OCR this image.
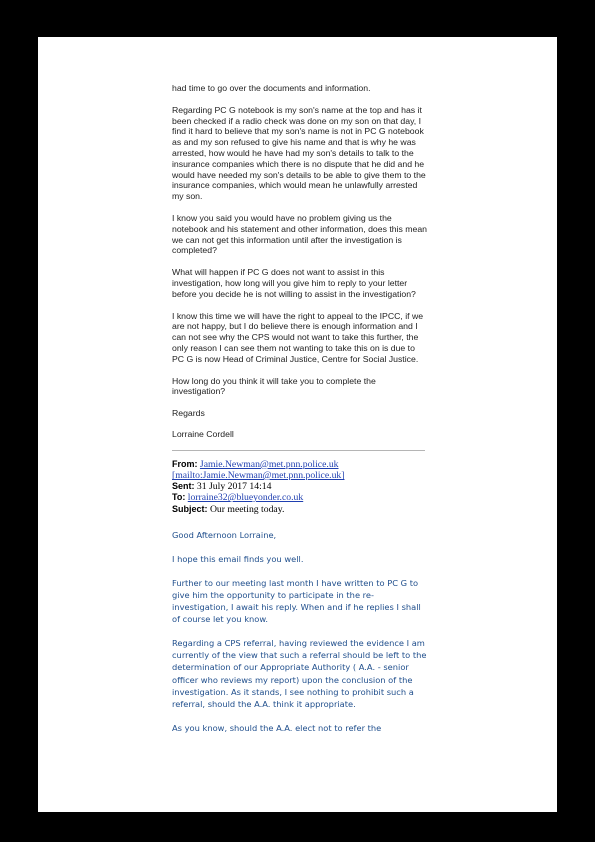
had time to go over the documents and information.

Regarding PC G notebook is my son's name at the top and has it been checked if a radio check was done on my son on that day, I find it hard to believe that my son's name is not in PC G notebook as and my son refused to give his name and that is why he was arrested, how would he have had my son's details to talk to the insurance companies which there is no dispute that he did and he would have needed my son's details to be able to give them to the insurance companies, which would mean he unlawfully arrested my son.

I know you said you would have no problem giving us the notebook and his statement and other information, does this mean we can not get this information until after the investigation is completed?

What will happen if PC G does not want to assist in this investigation, how long will you give him to reply to your letter before you decide he is not willing to assist in the investigation?

I know this time we will have the right to appeal to the IPCC, if we are not happy, but I do believe there is enough information and I can not see why the CPS would not want to take this further, the only reason I can see them not wanting to take this on is due to PC G is now Head of Criminal Justice, Centre for Social Justice.

How long do you think it will take you to complete the investigation?

Regards

Lorraine Cordell

From: Jamie.Newman@met.pnn.police.uk
[mailto:Jamie.Newman@met.pnn.police.uk]
Sent: 31 July 2017 14:14
To: lorraine32@blueyonder.co.uk
Subject: Our meeting today.

Good Afternoon Lorraine,

I hope this email finds you well.

Further to our meeting last month I have written to PC G to give him the opportunity to participate in the re-investigation, I await his reply. When and if he replies I shall of course let you know.

Regarding a CPS referral, having reviewed the evidence I am currently of the view that such a referral should be left to the determination of our Appropriate Authority ( A.A. - senior officer who reviews my report) upon the conclusion of the investigation. As it stands, I see nothing to prohibit such a referral, should the A.A. think it appropriate.

As you know, should the A.A. elect not to refer the

3741
